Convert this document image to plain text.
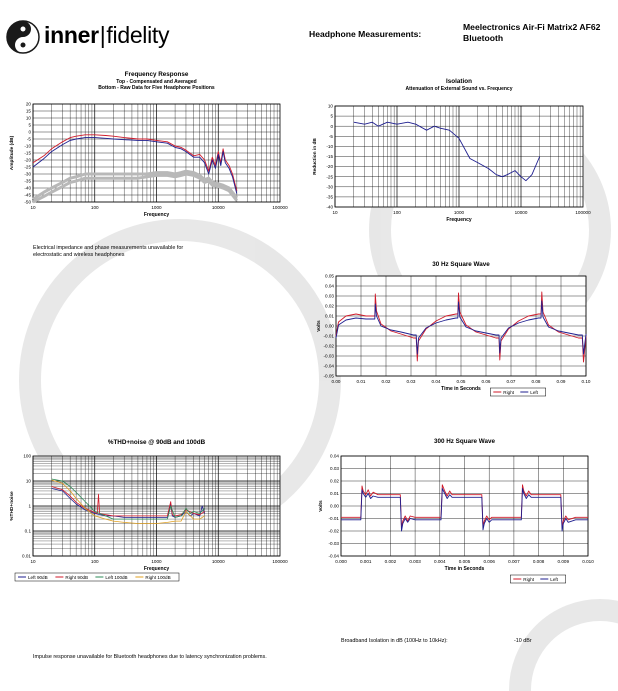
inner|fidelity	Headphone Measurements:
Meelectronics Air-Fi Matrix2 AF62 Bluetooth
Frequency Response
Top - Compensated and Averaged
Bottom - Raw Data for Five Headphone Positions
10	100	1000	10000	100000
20
15
10
5
0
-5
-10
-15
-20
-25
-30
-35
-40
-45
-50
Frequency
Amplitude (dB)
Isolation
Attenuation of External Sound vs. Frequency
10	100	1000	10000	100000
10
5
0
-5
-10
-15
-20
-25
-30
-35
-40
Frequency
Reduction in dB
30 Hz Square Wave
0.00	0.01	0.02	0.03	0.04	0.05	0.06	0.07	0.08	0.09	0.10
0.05
0.04
0.03
0.02
0.01
0.00
-0.01
-0.02
-0.03
-0.04
-0.05
Time in Seconds
Volts
Right	Left
%THD+noise @ 90dB and 100dB
10	100	1000	10000	100000
100
10
1
0.1
0.01
Frequency
%THD+noise
Left 90dB	Right 90dB	Left 100dB	Right 100dB
300 Hz Square Wave
0.000	0.001	0.002	0.003	0.004	0.005	0.006	0.007	0.008	0.009	0.010
0.04
0.03
0.02
0.01
0.00
-0.01
-0.02
-0.03
-0.04
Time in Seconds
Volts
Right	Left
Electrical impedance and phase measurements unavailable for electrostatic and wireless headphones
Impulse response unavailable for Bluetooth headphones due to latency synchronization problems.
Broadband Isolation in dB (100Hz to 10kHz):	-10 dBr
